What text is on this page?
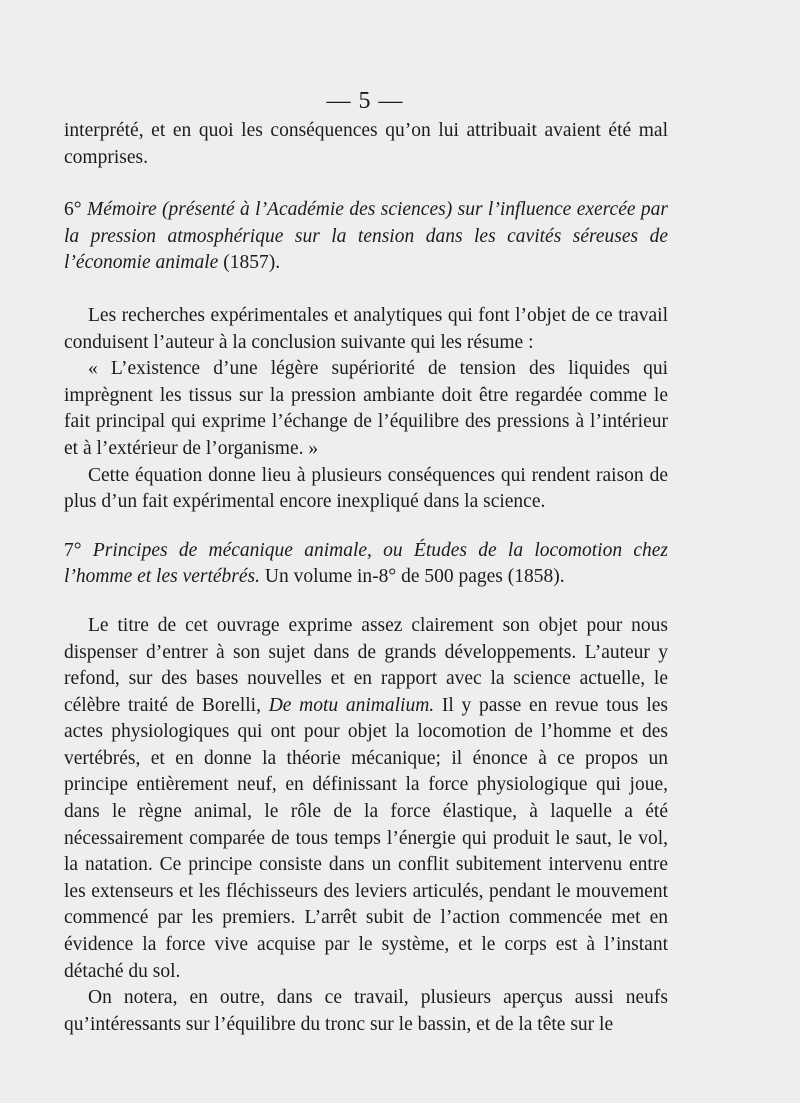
— 5 —

interprété, et en quoi les conséquences qu’on lui attribuait avaient été mal comprises.

6° Mémoire (présenté à l’Académie des sciences) sur l’influence exercée par la pression atmosphérique sur la tension dans les cavités séreuses de l’économie animale (1857).

Les recherches expérimentales et analytiques qui font l’objet de ce travail conduisent l’auteur à la conclusion suivante qui les résume :

« L’existence d’une légère supériorité de tension des liquides qui imprègnent les tissus sur la pression ambiante doit être regardée comme le fait principal qui exprime l’échange de l’équilibre des pressions à l’intérieur et à l’extérieur de l’organisme. »

Cette équation donne lieu à plusieurs conséquences qui rendent raison de plus d’un fait expérimental encore inexpliqué dans la science.

7° Principes de mécanique animale, ou Études de la locomotion chez l’homme et les vertébrés. Un volume in-8° de 500 pages (1858).

Le titre de cet ouvrage exprime assez clairement son objet pour nous dispenser d’entrer à son sujet dans de grands développements. L’auteur y refond, sur des bases nouvelles et en rapport avec la science actuelle, le célèbre traité de Borelli, De motu animalium. Il y passe en revue tous les actes physiologiques qui ont pour objet la locomotion de l’homme et des vertébrés, et en donne la théorie mécanique; il énonce à ce propos un principe entièrement neuf, en définissant la force physiologique qui joue, dans le règne animal, le rôle de la force élastique, à laquelle a été nécessairement comparée de tous temps l’énergie qui produit le saut, le vol, la natation. Ce principe consiste dans un conflit subitement intervenu entre les extenseurs et les fléchisseurs des leviers articulés, pendant le mouvement commencé par les premiers. L’arrêt subit de l’action commencée met en évidence la force vive acquise par le système, et le corps est à l’instant détaché du sol.

On notera, en outre, dans ce travail, plusieurs aperçus aussi neufs qu’intéressants sur l’équilibre du tronc sur le bassin, et de la tête sur le
